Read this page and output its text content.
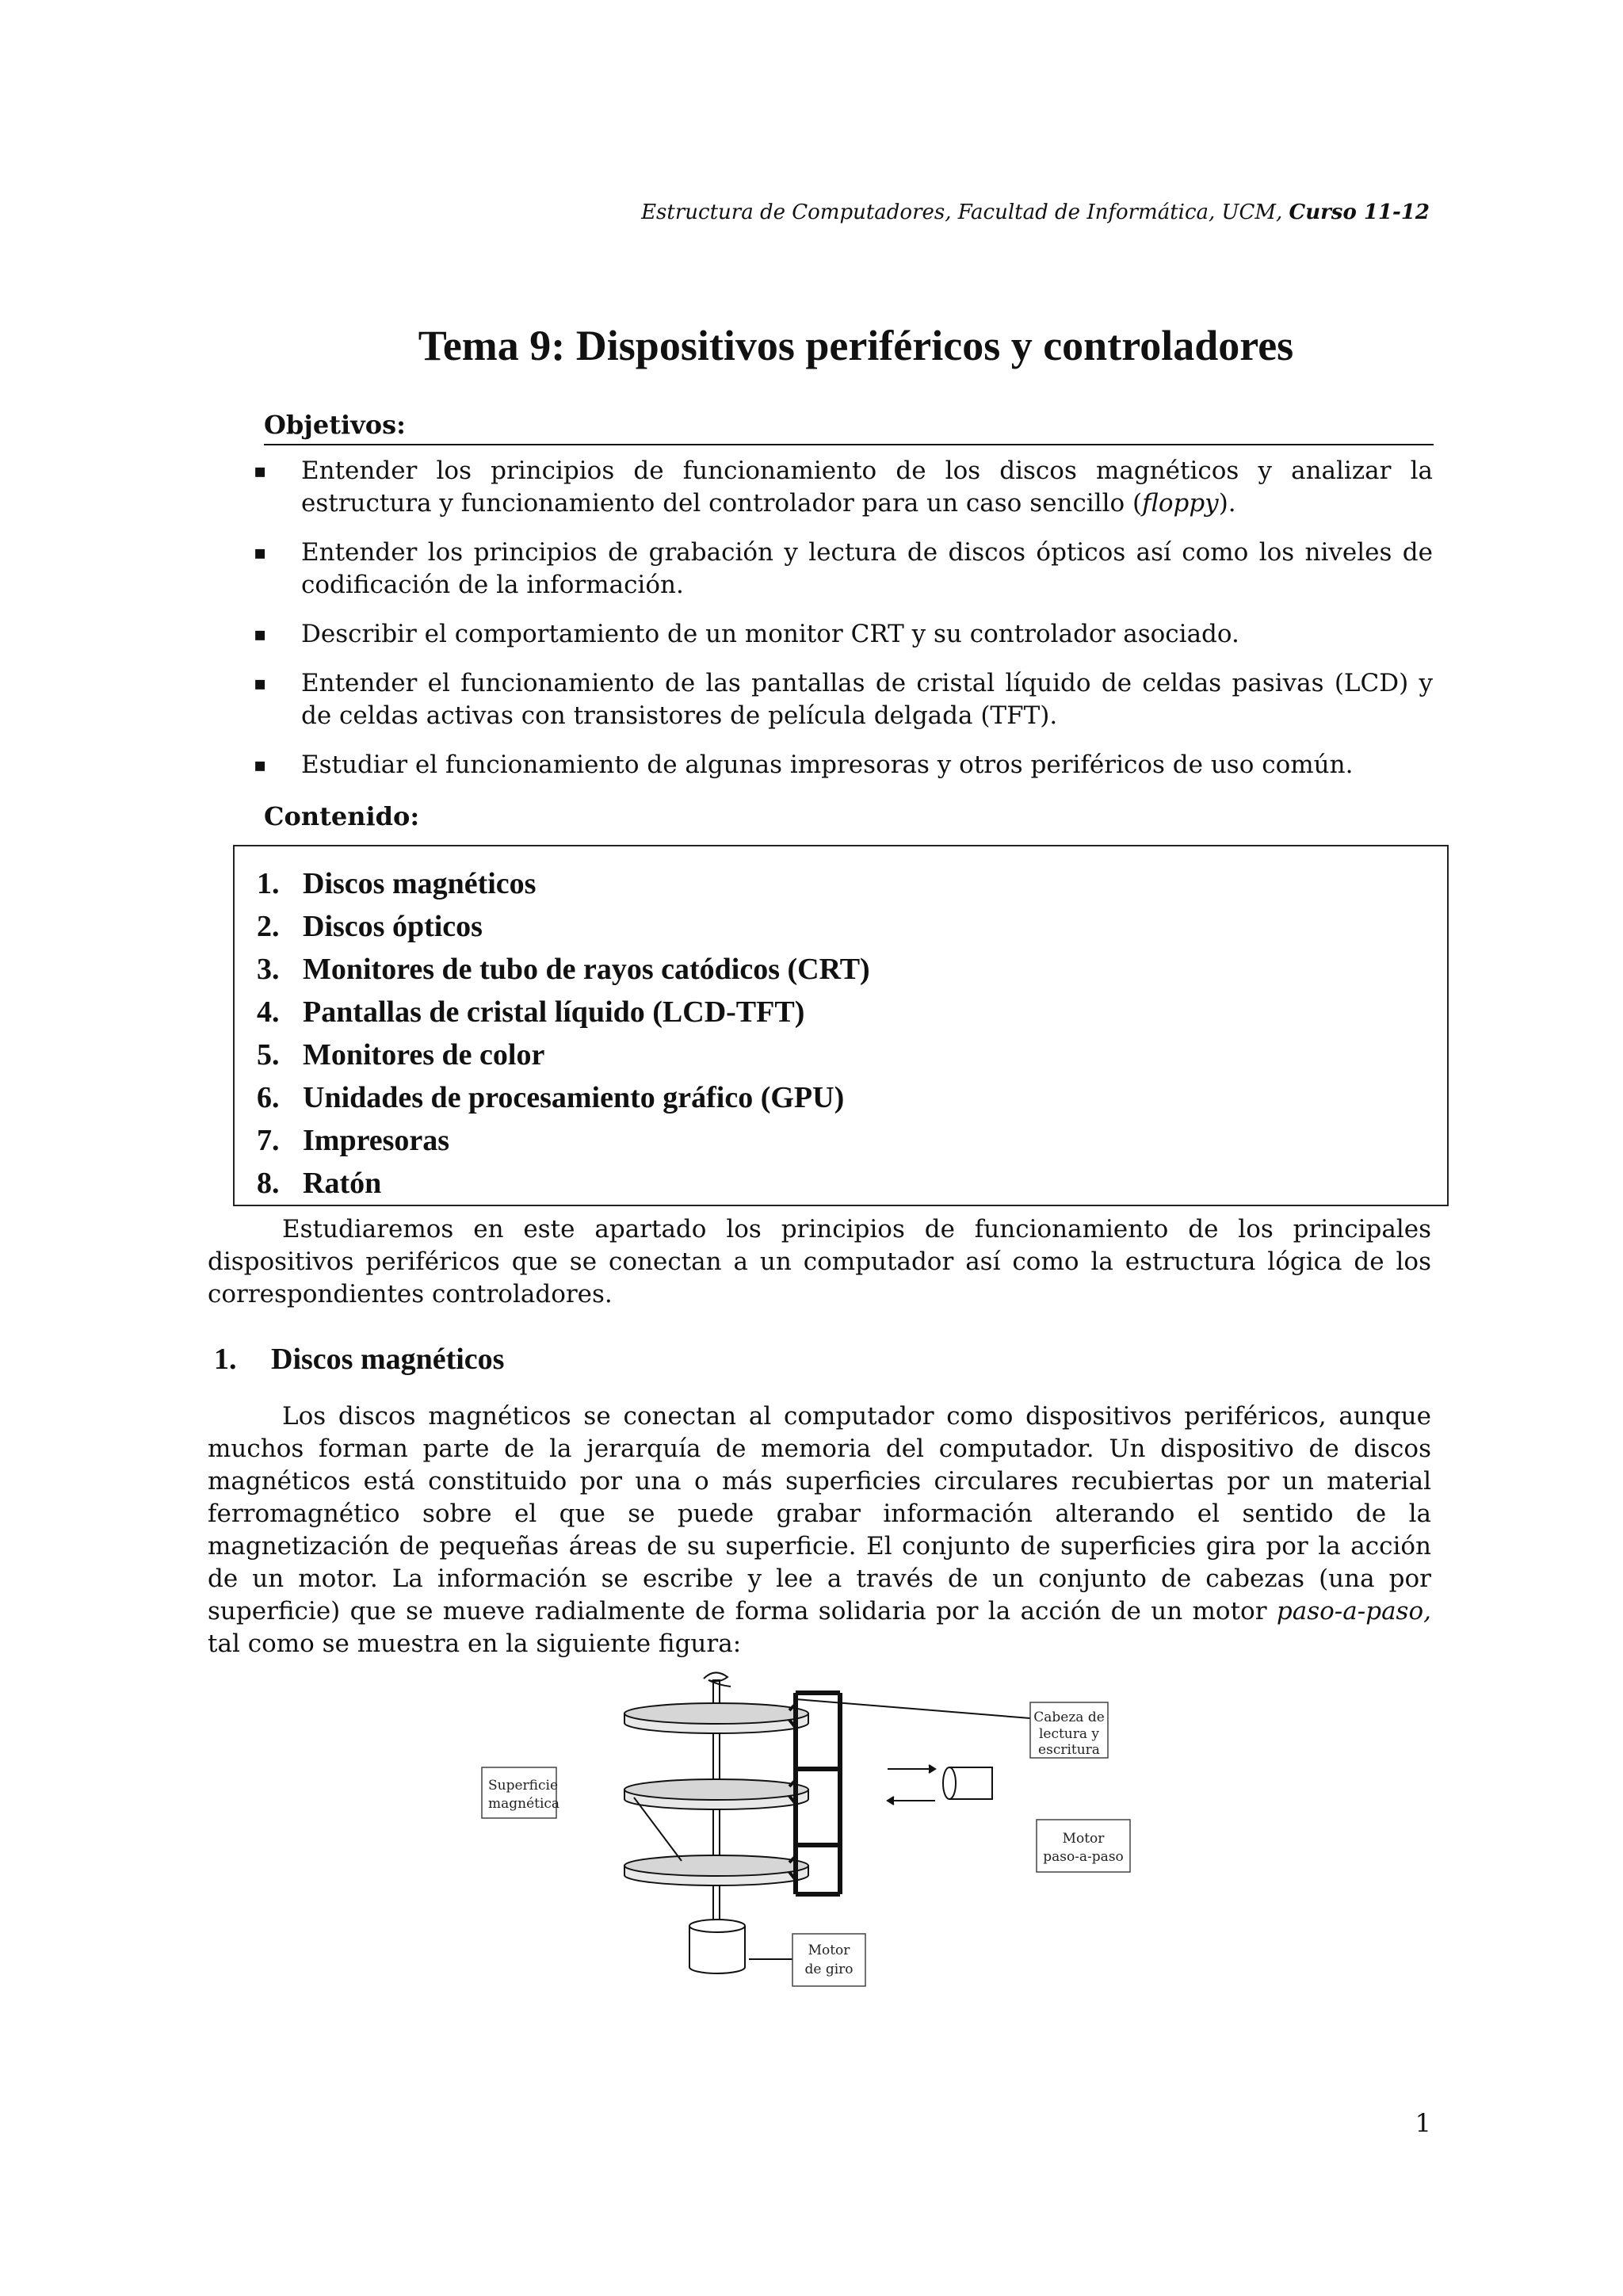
Estructura de Computadores, Facultad de Informática, UCM, Curso 11-12
Tema 9: Dispositivos periféricos y controladores
Objetivos:
▪ Entender los principios de funcionamiento de los discos magnéticos y analizar la estructura y funcionamiento del controlador para un caso sencillo (floppy).
▪ Entender los principios de grabación y lectura de discos ópticos así como los niveles de codificación de la información.
▪ Describir el comportamiento de un monitor CRT y su controlador asociado.
▪ Entender el funcionamiento de las pantallas de cristal líquido de celdas pasivas (LCD) y de celdas activas con transistores de película delgada (TFT).
▪ Estudiar el funcionamiento de algunas impresoras y otros periféricos de uso común.
Contenido:
1. Discos magnéticos
2. Discos ópticos
3. Monitores de tubo de rayos catódicos (CRT)
4. Pantallas de cristal líquido (LCD-TFT)
5. Monitores de color
6. Unidades de procesamiento gráfico (GPU)
7. Impresoras
8. Ratón

Estudiaremos en este apartado los principios de funcionamiento de los principales dispositivos periféricos que se conectan a un computador así como la estructura lógica de los correspondientes controladores.

1. Discos magnéticos

Los discos magnéticos se conectan al computador como dispositivos periféricos, aunque muchos forman parte de la jerarquía de memoria del computador. Un dispositivo de discos magnéticos está constituido por una o más superficies circulares recubiertas por un material ferromagnético sobre el que se puede grabar información alterando el sentido de la magnetización de pequeñas áreas de su superficie. El conjunto de superficies gira por la acción de un motor. La información se escribe y lee a través de un conjunto de cabezas (una por superficie) que se mueve radialmente de forma solidaria por la acción de un motor paso-a-paso, tal como se muestra en la siguiente figura:

Cabeza de
lectura y
escritura
Superficie
magnética
Motor
paso-a-paso
Motor
de giro
1
